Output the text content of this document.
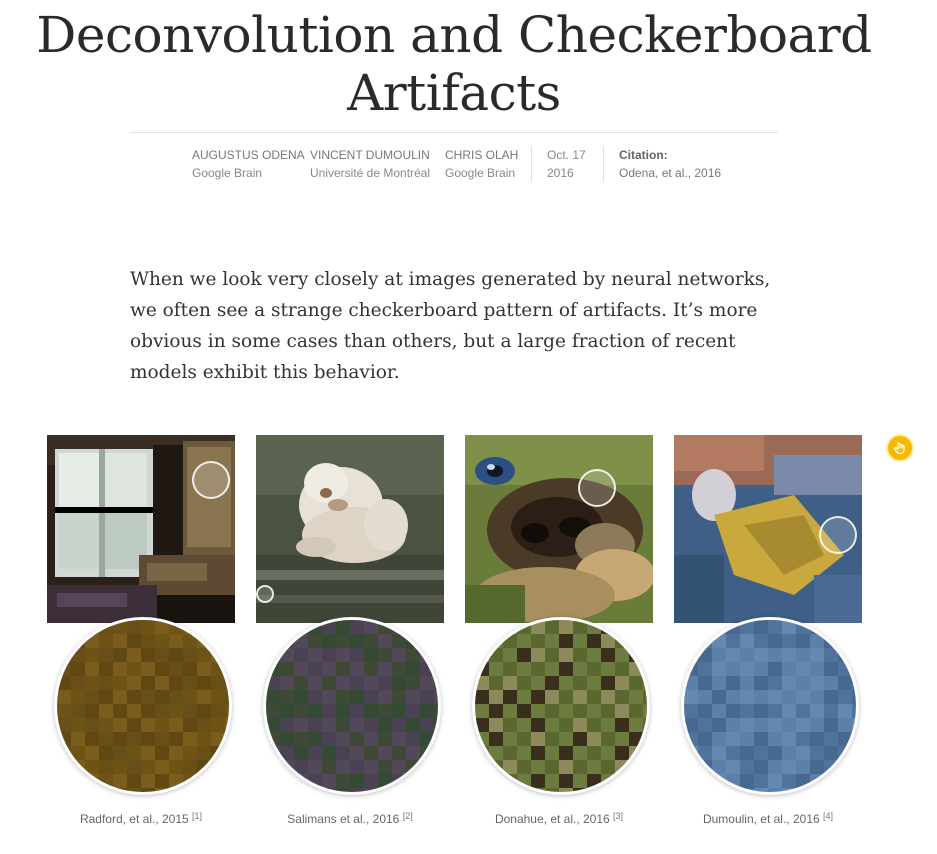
Deconvolution and Checkerboard
Artifacts
AUGUSTUS ODENA
Google Brain
VINCENT DUMOULIN
Université de Montréal
CHRIS OLAH
Google Brain
Oct. 17
2016
Citation:
Odena, et al., 2016

When we look very closely at images generated by neural networks, we often see a strange checkerboard pattern of artifacts. It’s more obvious in some cases than others, but a large fraction of recent models exhibit this behavior.

Radford, et al., 2015 [1]	Salimans et al., 2016 [2]	Donahue, et al., 2016 [3]	Dumoulin, et al., 2016 [4]
